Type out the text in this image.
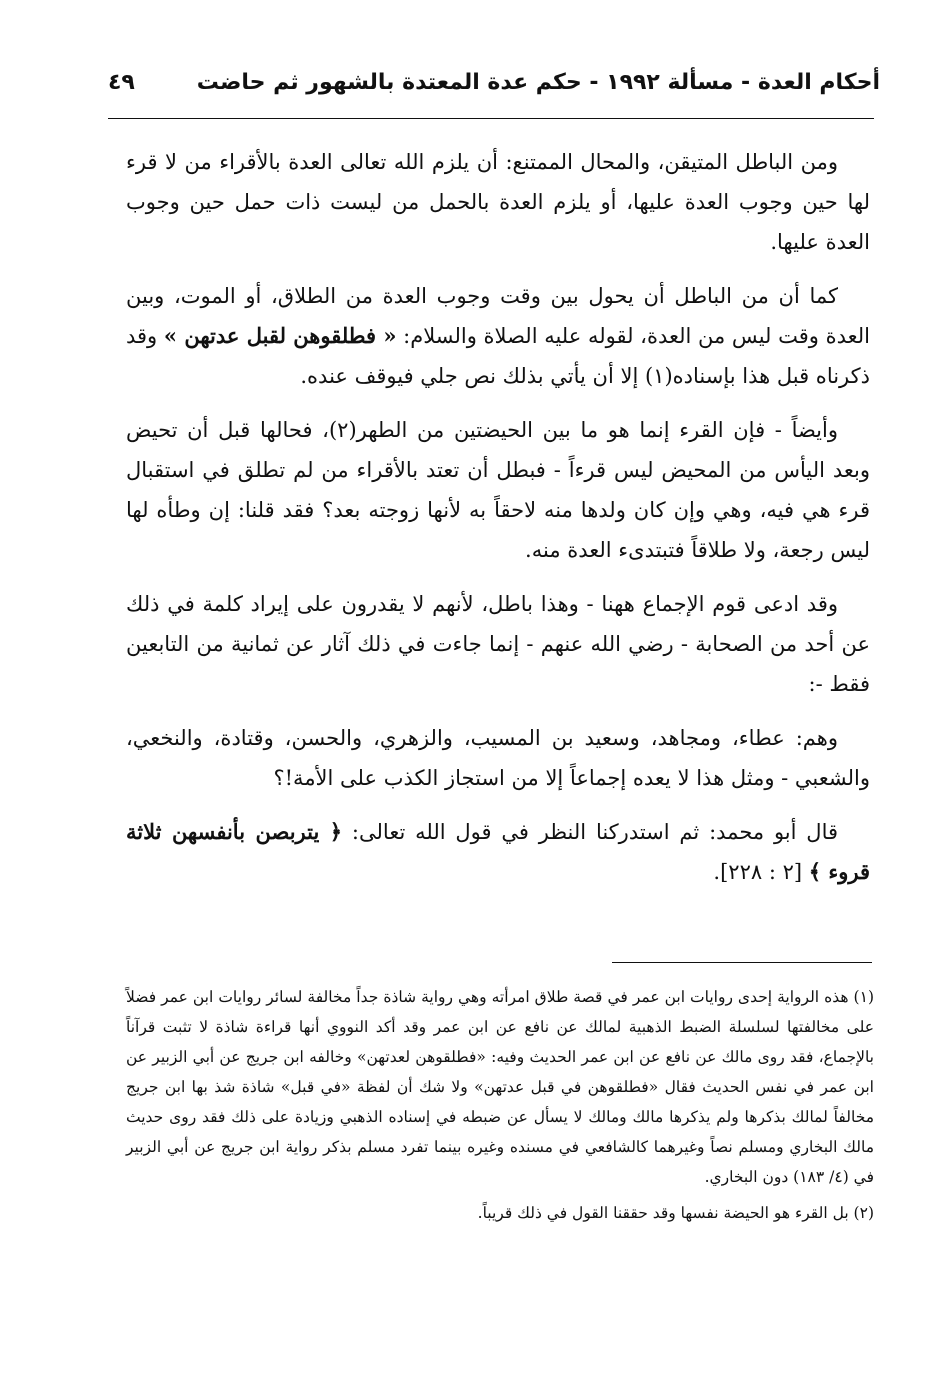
أحكام العدة - مسألة ١٩٩٢ - حكم عدة المعتدة بالشهور ثم حاضت
٤٩

ومن الباطل المتيقن، والمحال الممتنع: أن يلزم الله تعالى العدة بالأقراء من لا قرء لها حين وجوب العدة عليها، أو يلزم العدة بالحمل من ليست ذات حمل حين وجوب العدة عليها.

كما أن من الباطل أن يحول بين وقت وجوب العدة من الطلاق، أو الموت، وبين العدة وقت ليس من العدة، لقوله عليه الصلاة والسلام: « فطلقوهن لقبل عدتهن » وقد ذكرناه قبل هذا بإسناده(١) إلا أن يأتي بذلك نص جلي فيوقف عنده.

وأيضاً - فإن القرء إنما هو ما بين الحيضتين من الطهر(٢)، فحالها قبل أن تحيض وبعد اليأس من المحيض ليس قرءاً - فبطل أن تعتد بالأقراء من لم تطلق في استقبال قرء هي فيه، وهي وإن كان ولدها منه لاحقاً به لأنها زوجته بعد؟ فقد قلنا: إن وطأه لها ليس رجعة، ولا طلاقاً فتبتدىء العدة منه.

وقد ادعى قوم الإجماع ههنا - وهذا باطل، لأنهم لا يقدرون على إيراد كلمة في ذلك عن أحد من الصحابة - رضي الله عنهم - إنما جاءت في ذلك آثار عن ثمانية من التابعين فقط -:

وهم: عطاء، ومجاهد، وسعيد بن المسيب، والزهري، والحسن، وقتادة، والنخعي، والشعبي - ومثل هذا لا يعده إجماعاً إلا من استجاز الكذب على الأمة!؟

قال أبو محمد: ثم استدركنا النظر في قول الله تعالى: ﴿ يتربصن بأنفسهن ثلاثة قروء ﴾ [٢ : ٢٢٨].

(١) هذه الرواية إحدى روايات ابن عمر في قصة طلاق امرأته وهي رواية شاذة جداً مخالفة لسائر روايات ابن عمر فضلاً على مخالفتها لسلسلة الضبط الذهبية لمالك عن نافع عن ابن عمر وقد أكد النووي أنها قراءة شاذة لا تثبت قرآناً بالإجماع، فقد روى مالك عن نافع عن ابن عمر الحديث وفيه: «فطلقوهن لعدتهن» وخالفه ابن جريج عن أبي الزبير عن ابن عمر في نفس الحديث فقال «فطلقوهن في قبل عدتهن» ولا شك أن لفظة «في قبل» شاذة شذ بها ابن جريج مخالفاً لمالك بذكرها ولم يذكرها مالك ومالك لا يسأل عن ضبطه في إسناده الذهبي وزيادة على ذلك فقد روى حديث مالك البخاري ومسلم نصاً وغيرهما كالشافعي في مسنده وغيره بينما تفرد مسلم بذكر رواية ابن جريج عن أبي الزبير في (٤/ ١٨٣) دون البخاري.

(٢) بل القرء هو الحيضة نفسها وقد حققنا القول في ذلك قريباً.
